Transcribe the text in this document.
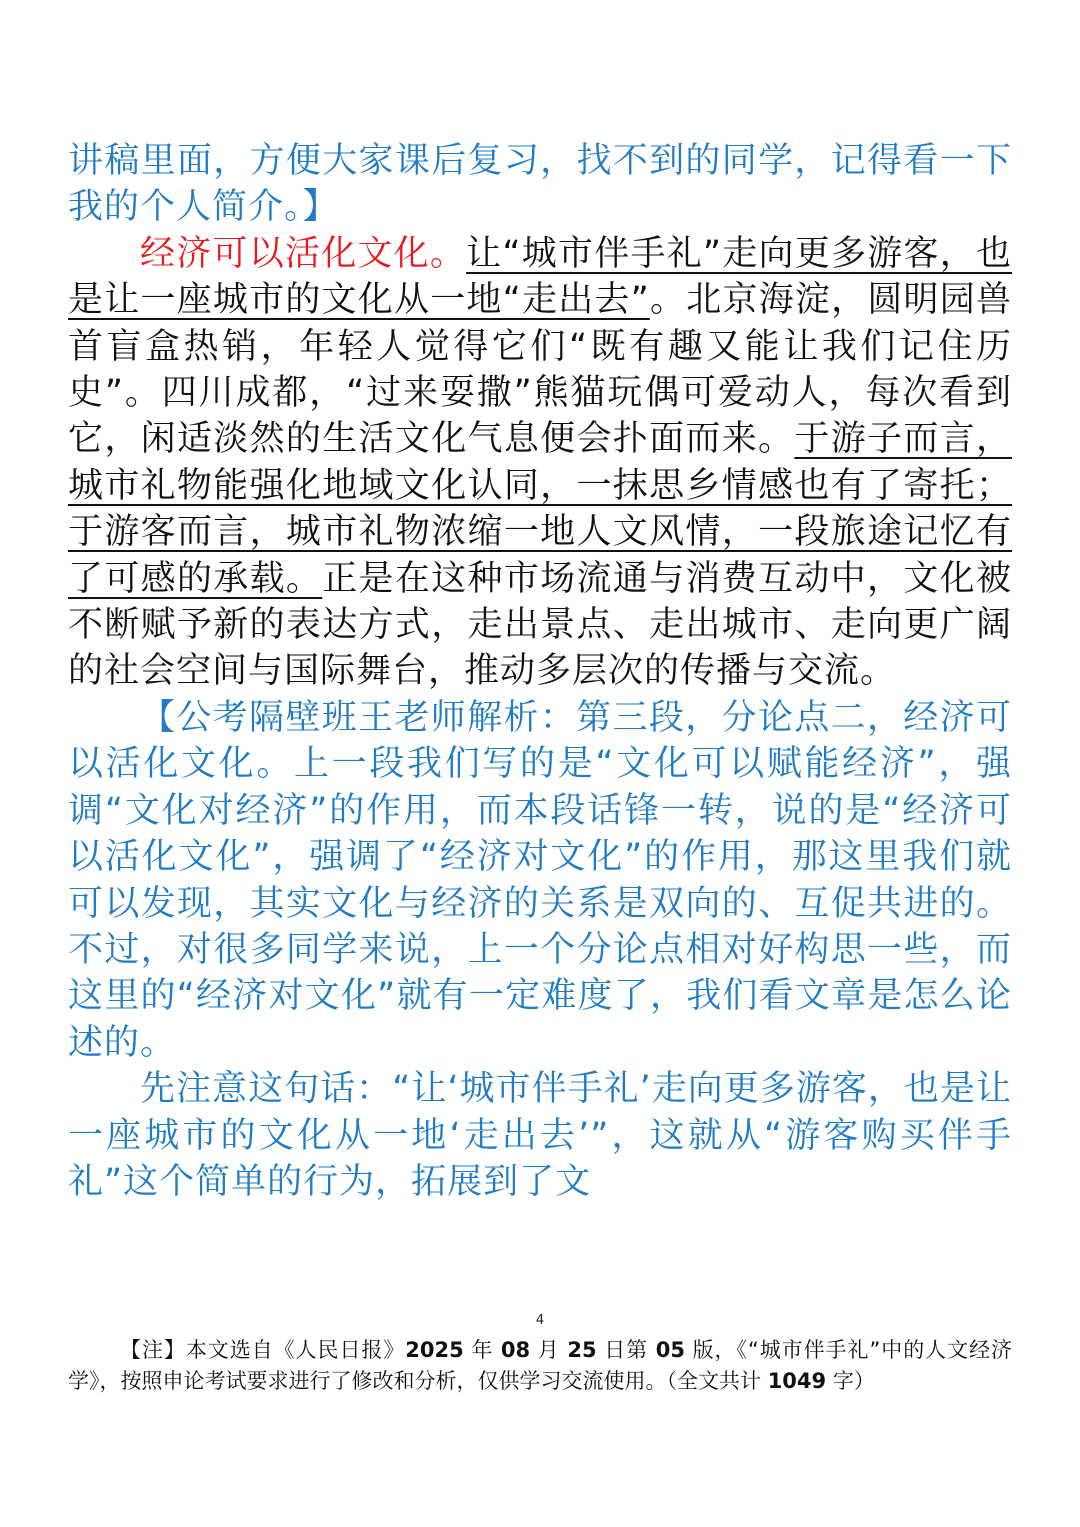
讲稿里面，方便大家课后复习，找不到的同学，记得看一下我的个人简介。】

经济可以活化文化。让“城市伴手礼”走向更多游客，也是让一座城市的文化从一地“走出去”。北京海淀，圆明园兽首盲盒热销，年轻人觉得它们“既有趣又能让我们记住历史”。四川成都，“过来耍撒”熊猫玩偶可爱动人，每次看到它，闲适淡然的生活文化气息便会扑面而来。于游子而言，城市礼物能强化地域文化认同，一抹思乡情感也有了寄托；于游客而言，城市礼物浓缩一地人文风情，一段旅途记忆有了可感的承载。正是在这种市场流通与消费互动中，文化被不断赋予新的表达方式，走出景点、走出城市、走向更广阔的社会空间与国际舞台，推动多层次的传播与交流。

【公考隔壁班王老师解析：第三段，分论点二，经济可以活化文化。上一段我们写的是“文化可以赋能经济”，强调“文化对经济”的作用，而本段话锋一转，说的是“经济可以活化文化”，强调了“经济对文化”的作用，那这里我们就可以发现，其实文化与经济的关系是双向的、互促共进的。不过，对很多同学来说，上一个分论点相对好构思一些，而这里的“经济对文化”就有一定难度了，我们看文章是怎么论述的。

先注意这句话：“让‘城市伴手礼’走向更多游客，也是让一座城市的文化从一地‘走出去’”，这就从“游客购买伴手礼”这个简单的行为，拓展到了文

4
【注】本文选自《人民日报》2025 年 08 月 25 日第 05 版，《“城市伴手礼”中的人文经济学》，按照申论考试要求进行了修改和分析，仅供学习交流使用。（全文共计 1049 字）
